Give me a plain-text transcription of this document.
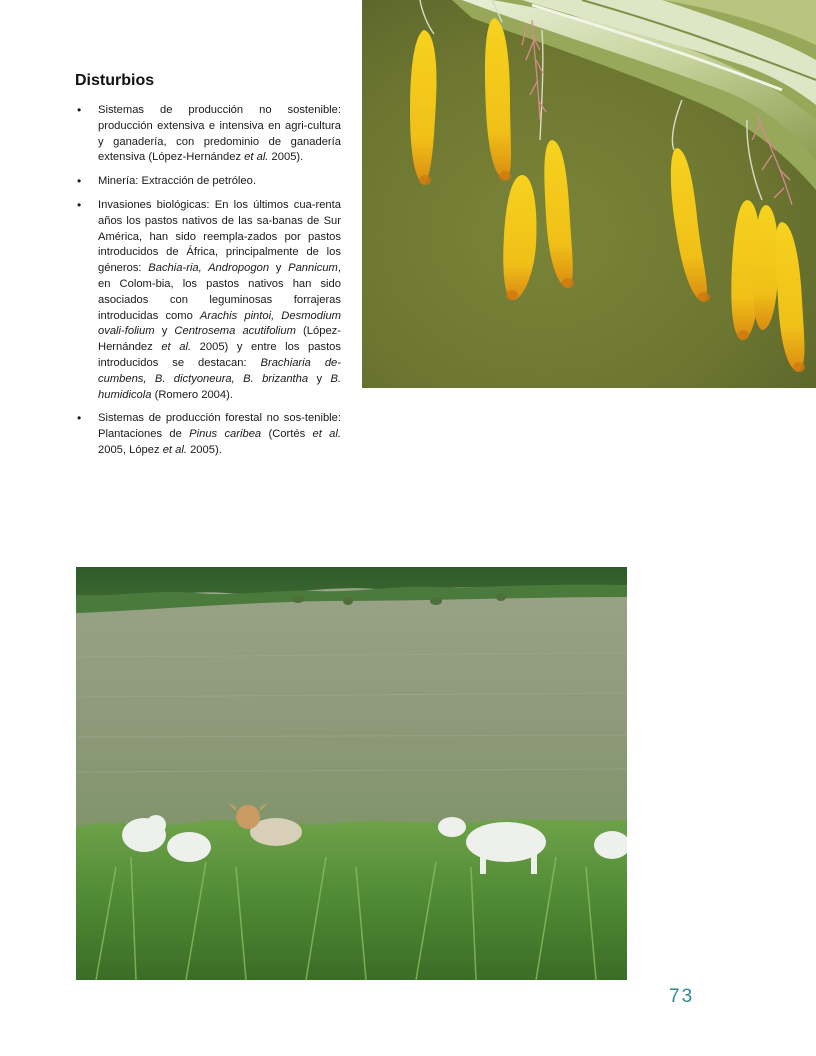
Disturbios
• Sistemas de producción no sostenible: producción extensiva e intensiva en agri-cultura y ganadería, con predominio de ganadería extensiva (López-Hernández et al. 2005).
• Minería: Extracción de petróleo.
• Invasiones biológicas: En los últimos cua-renta años los pastos nativos de las sa-banas de Sur América, han sido reempla-zados por pastos introducidos de África, principalmente de los géneros: Bachia-ria, Andropogon y Pannicum, en Colom-bia, los pastos nativos han sido asociados con leguminosas forrajeras introducidas como Arachis pintoi, Desmodium ovali-folium y Centrosema acutifolium (López-Hernández et al. 2005) y entre los pastos introducidos se destacan: Brachiaria de-cumbens, B. dictyoneura, B. brizantha y B. humidicola (Romero 2004).
• Sistemas de producción forestal no sos-tenible: Plantaciones de Pinus caribea (Cortés et al. 2005, López et al. 2005).
73
